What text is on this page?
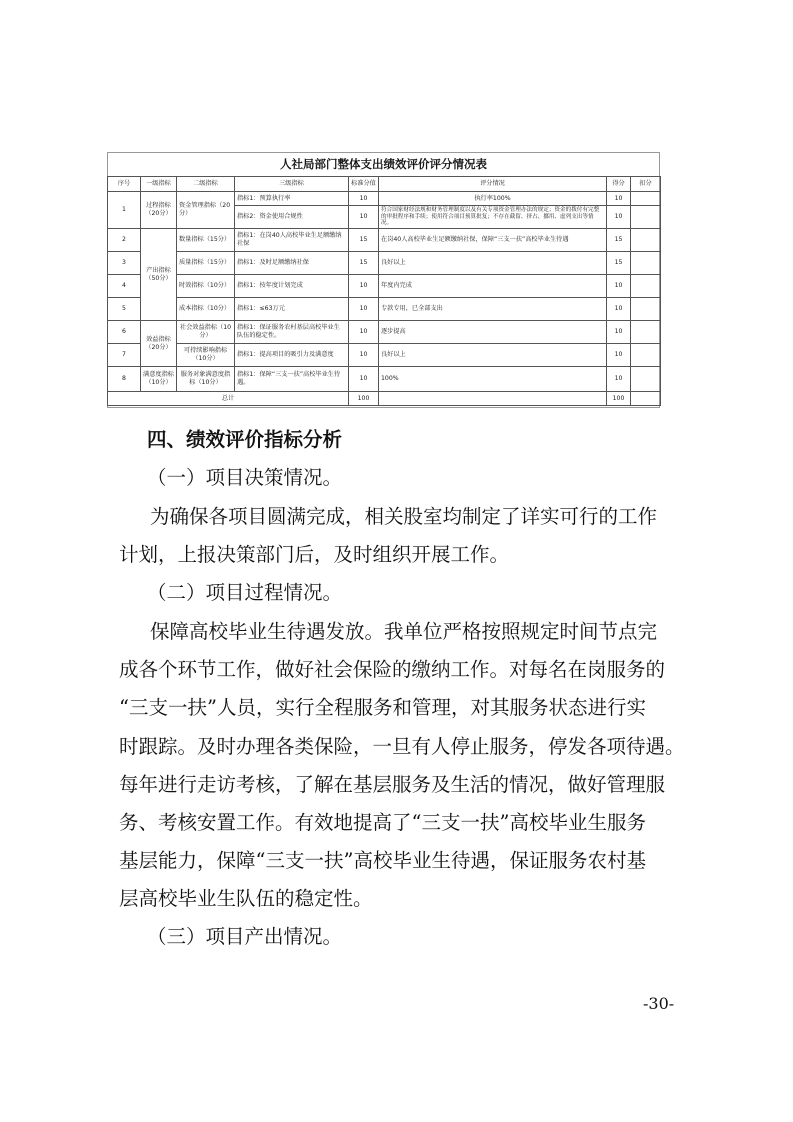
人社局部门整体支出绩效评价评分情况表
序号	一级指标	二级指标	三级指标	标准分值	评分情况	得分	扣分
1	过程指标（20分）	资金管理指标（20分）	指标1：预算执行率	10	执行率100%	10	
			指标2：资金使用合规性	10	符合国家财经法规和财务管理制度以及有关专项资金管理办法的规定；资金的拨付有完整的审批程序和手续；使用符合项目预算批复；不存在截留、挤占、挪用、虚列支出等情况。	10	
2	产出指标（50分）	数量指标（15分）	指标1：在岗40人高校毕业生足额缴纳社保	15	在岗40人高校毕业生足额缴纳社保，保障“三支一扶”高校毕业生待遇	15	
3		质量指标（15分）	指标1：及时足额缴纳社保	15	良好以上	15	
4		时效指标（10分）	指标1：按年度计划完成	10	年度内完成	10	
5		成本指标（10分）	指标1：≤63万元	10	专款专用，已全部支出	10	
6	效益指标（20分）	社会效益指标（10分）	指标1：保证服务农村基层高校毕业生队伍的稳定性。	10	逐步提高	10	
7		可持续影响指标（10分）	指标1：提高项目的吸引力及满意度	10	良好以上	10	
8	满意度指标（10分）	服务对象满意度指标（10分）	指标1：保障“三支一扶”高校毕业生待遇。	10	100%	10	
总计				100		100	
四、绩效评价指标分析
（一）项目决策情况。
为确保各项目圆满完成，相关股室均制定了详实可行的工作
计划，上报决策部门后，及时组织开展工作。
（二）项目过程情况。
保障高校毕业生待遇发放。我单位严格按照规定时间节点完
成各个环节工作，做好社会保险的缴纳工作。对每名在岗服务的
“三支一扶”人员，实行全程服务和管理，对其服务状态进行实
时跟踪。及时办理各类保险，一旦有人停止服务，停发各项待遇。
每年进行走访考核，了解在基层服务及生活的情况，做好管理服
务、考核安置工作。有效地提高了“三支一扶”高校毕业生服务
基层能力，保障“三支一扶”高校毕业生待遇，保证服务农村基
层高校毕业生队伍的稳定性。
（三）项目产出情况。
-30-
